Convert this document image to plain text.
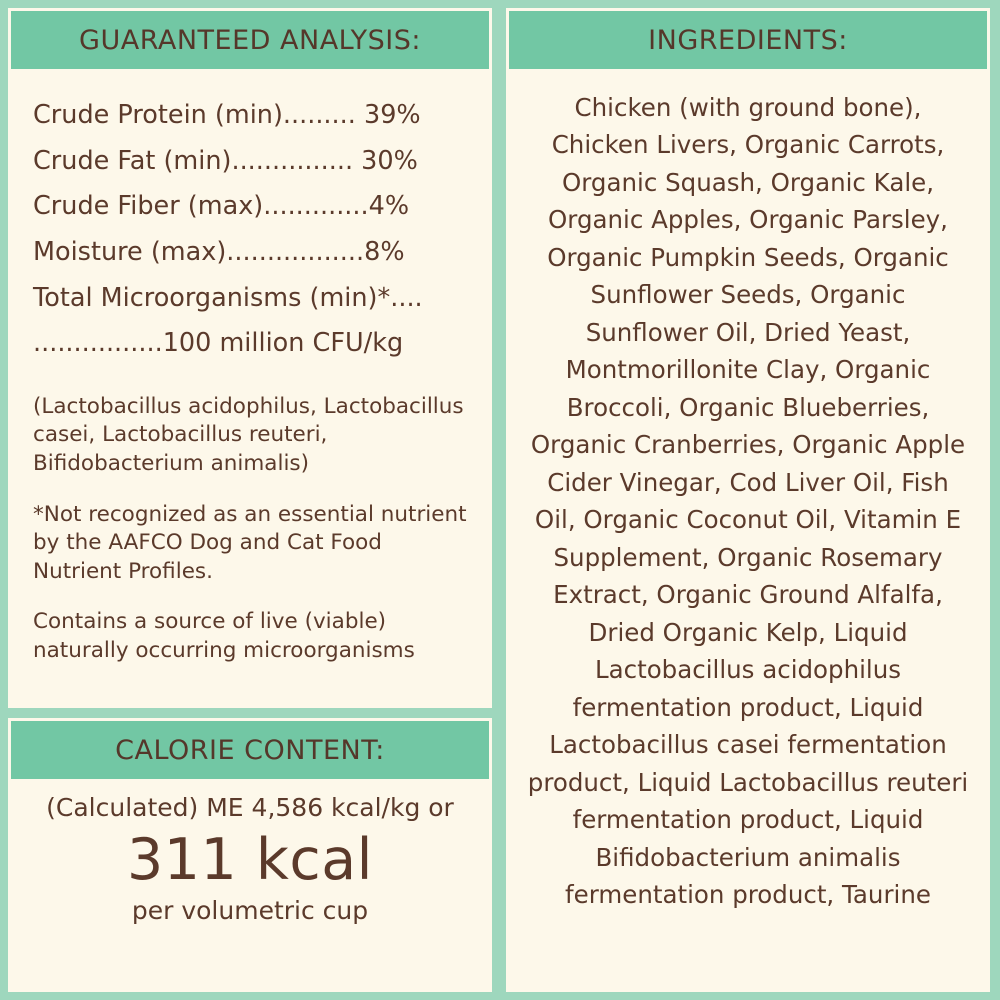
GUARANTEED ANALYSIS:
Crude Protein (min)......... 39%
Crude Fat (min)............... 30%
Crude Fiber (max).............4%
Moisture (max).................8%
Total Microorganisms (min)*....
................100 million CFU/kg
(Lactobacillus acidophilus, Lactobacillus casei, Lactobacillus reuteri, Bifidobacterium animalis)
*Not recognized as an essential nutrient by the AAFCO Dog and Cat Food Nutrient Profiles.
Contains a source of live (viable) naturally occurring microorganisms
CALORIE CONTENT:
(Calculated) ME 4,586 kcal/kg or
311 kcal
per volumetric cup
INGREDIENTS:
Chicken (with ground bone), Chicken Livers, Organic Carrots, Organic Squash, Organic Kale, Organic Apples, Organic Parsley, Organic Pumpkin Seeds, Organic Sunflower Seeds, Organic Sunflower Oil, Dried Yeast, Montmorillonite Clay, Organic Broccoli, Organic Blueberries, Organic Cranberries, Organic Apple Cider Vinegar, Cod Liver Oil, Fish Oil, Organic Coconut Oil, Vitamin E Supplement, Organic Rosemary Extract, Organic Ground Alfalfa, Dried Organic Kelp, Liquid Lactobacillus acidophilus fermentation product, Liquid Lactobacillus casei fermentation product, Liquid Lactobacillus reuteri fermentation product, Liquid Bifidobacterium animalis fermentation product, Taurine
